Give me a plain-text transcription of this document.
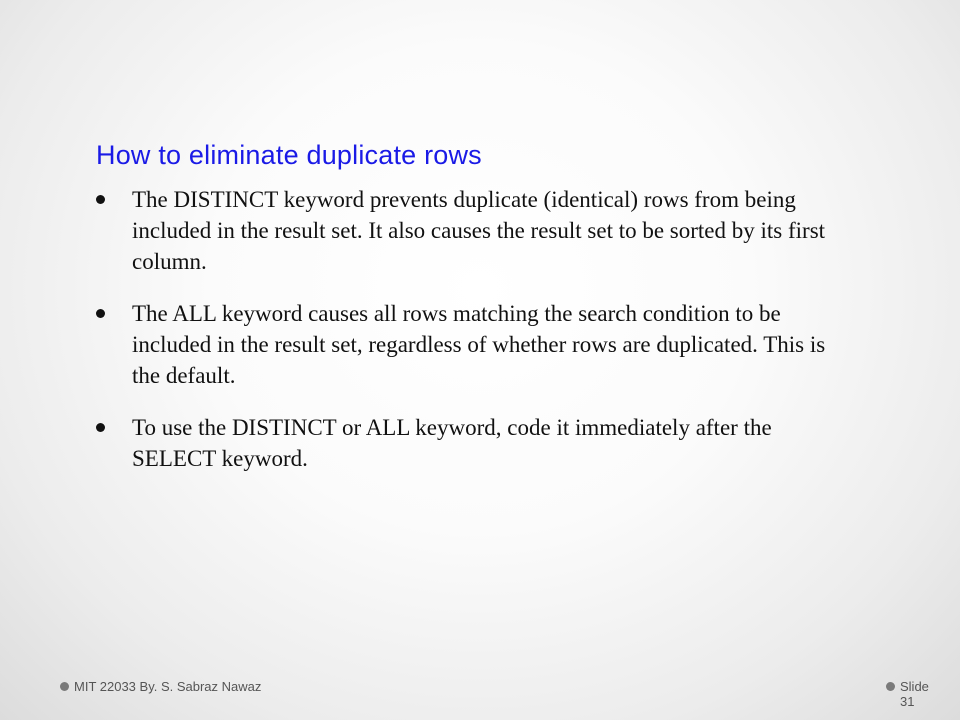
How to eliminate duplicate rows
The DISTINCT keyword prevents duplicate (identical) rows from being included in the result set. It also causes the result set to be sorted by its first column.
The ALL keyword causes all rows matching the search condition to be included in the result set, regardless of whether rows are duplicated. This is the default.
To use the DISTINCT or ALL keyword, code it immediately after the SELECT keyword.
MIT 22033 By. S. Sabraz Nawaz	Slide
31
